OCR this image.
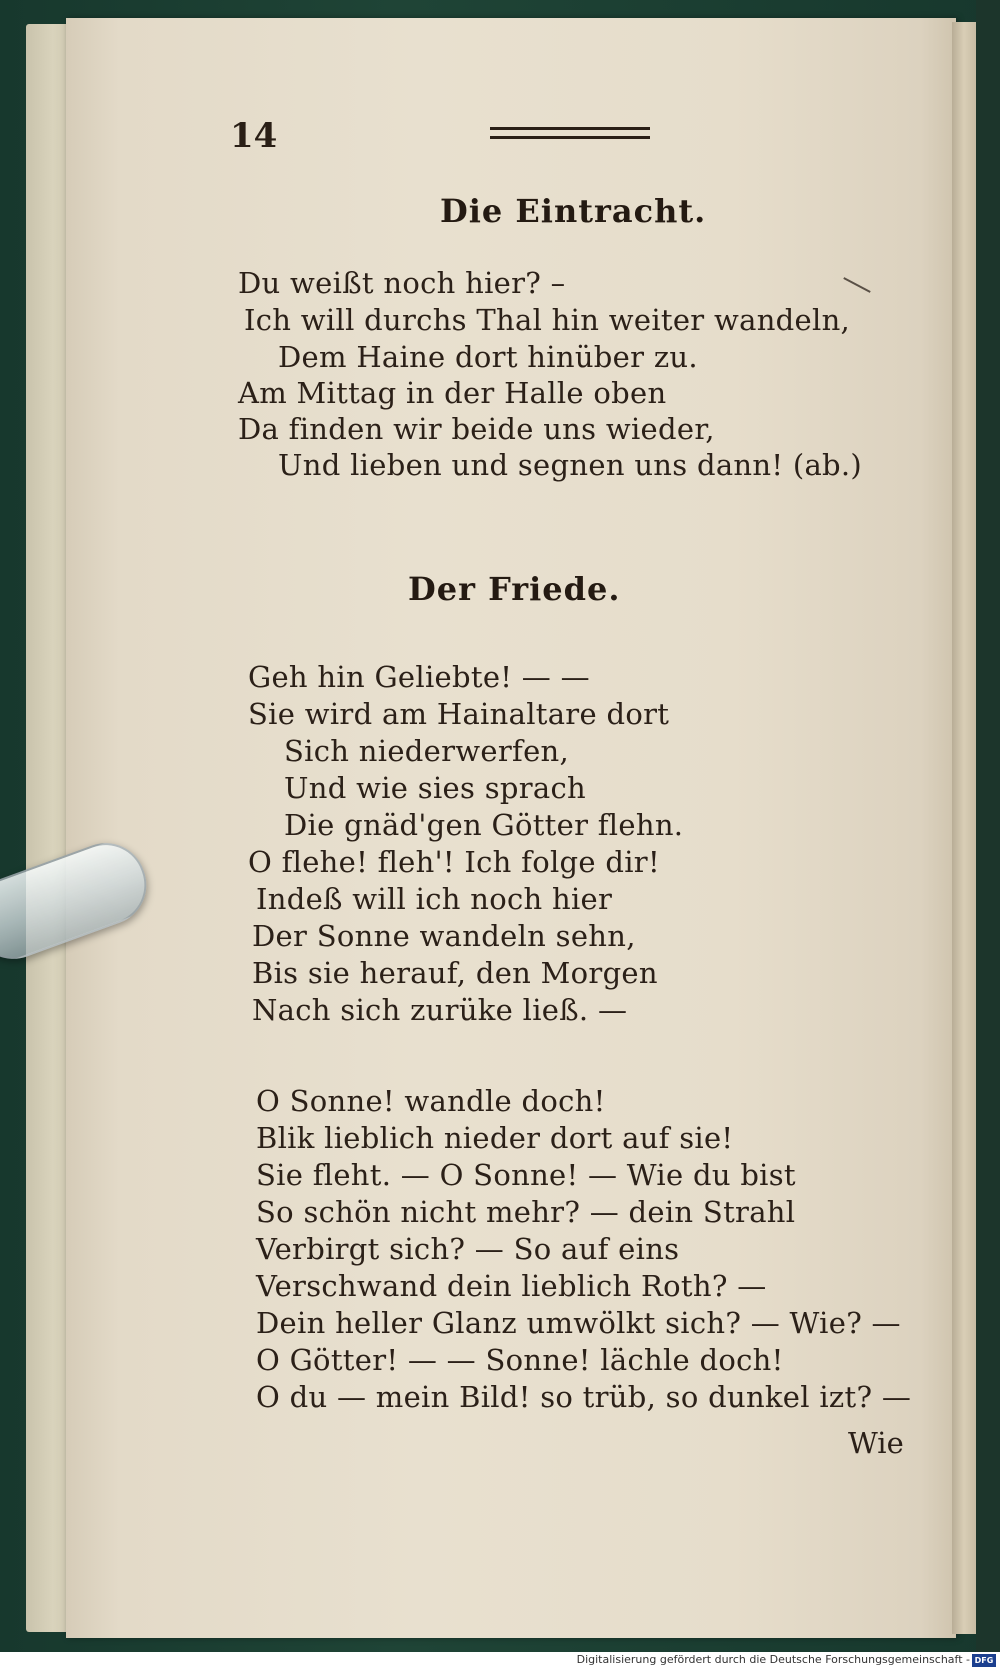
14
Die Eintracht.
Du weißt noch hier? –
Ich will durchs Thal hin weiter wandeln,
Dem Haine dort hinüber zu.
Am Mittag in der Halle oben
Da finden wir beide uns wieder,
Und lieben und segnen uns dann! (ab.)
Der Friede.
Geh hin Geliebte! — —
Sie wird am Hainaltare dort
Sich niederwerfen,
Und wie sies sprach
Die gnäd'gen Götter flehn.
O flehe! fleh'! Ich folge dir!
Indeß will ich noch hier
Der Sonne wandeln sehn,
Bis sie herauf, den Morgen
Nach sich zurüke ließ. —
O Sonne! wandle doch!
Blik lieblich nieder dort auf sie!
Sie fleht. — O Sonne! — Wie du bist
So schön nicht mehr? — dein Strahl
Verbirgt sich? — So auf eins
Verschwand dein lieblich Roth? —
Dein heller Glanz umwölkt sich? — Wie? —
O Götter! — — Sonne! lächle doch!
O du — mein Bild! so trüb, so dunkel izt? —
Wie
Digitalisierung gefördert durch die Deutsche Forschungsgemeinschaft - DFG
